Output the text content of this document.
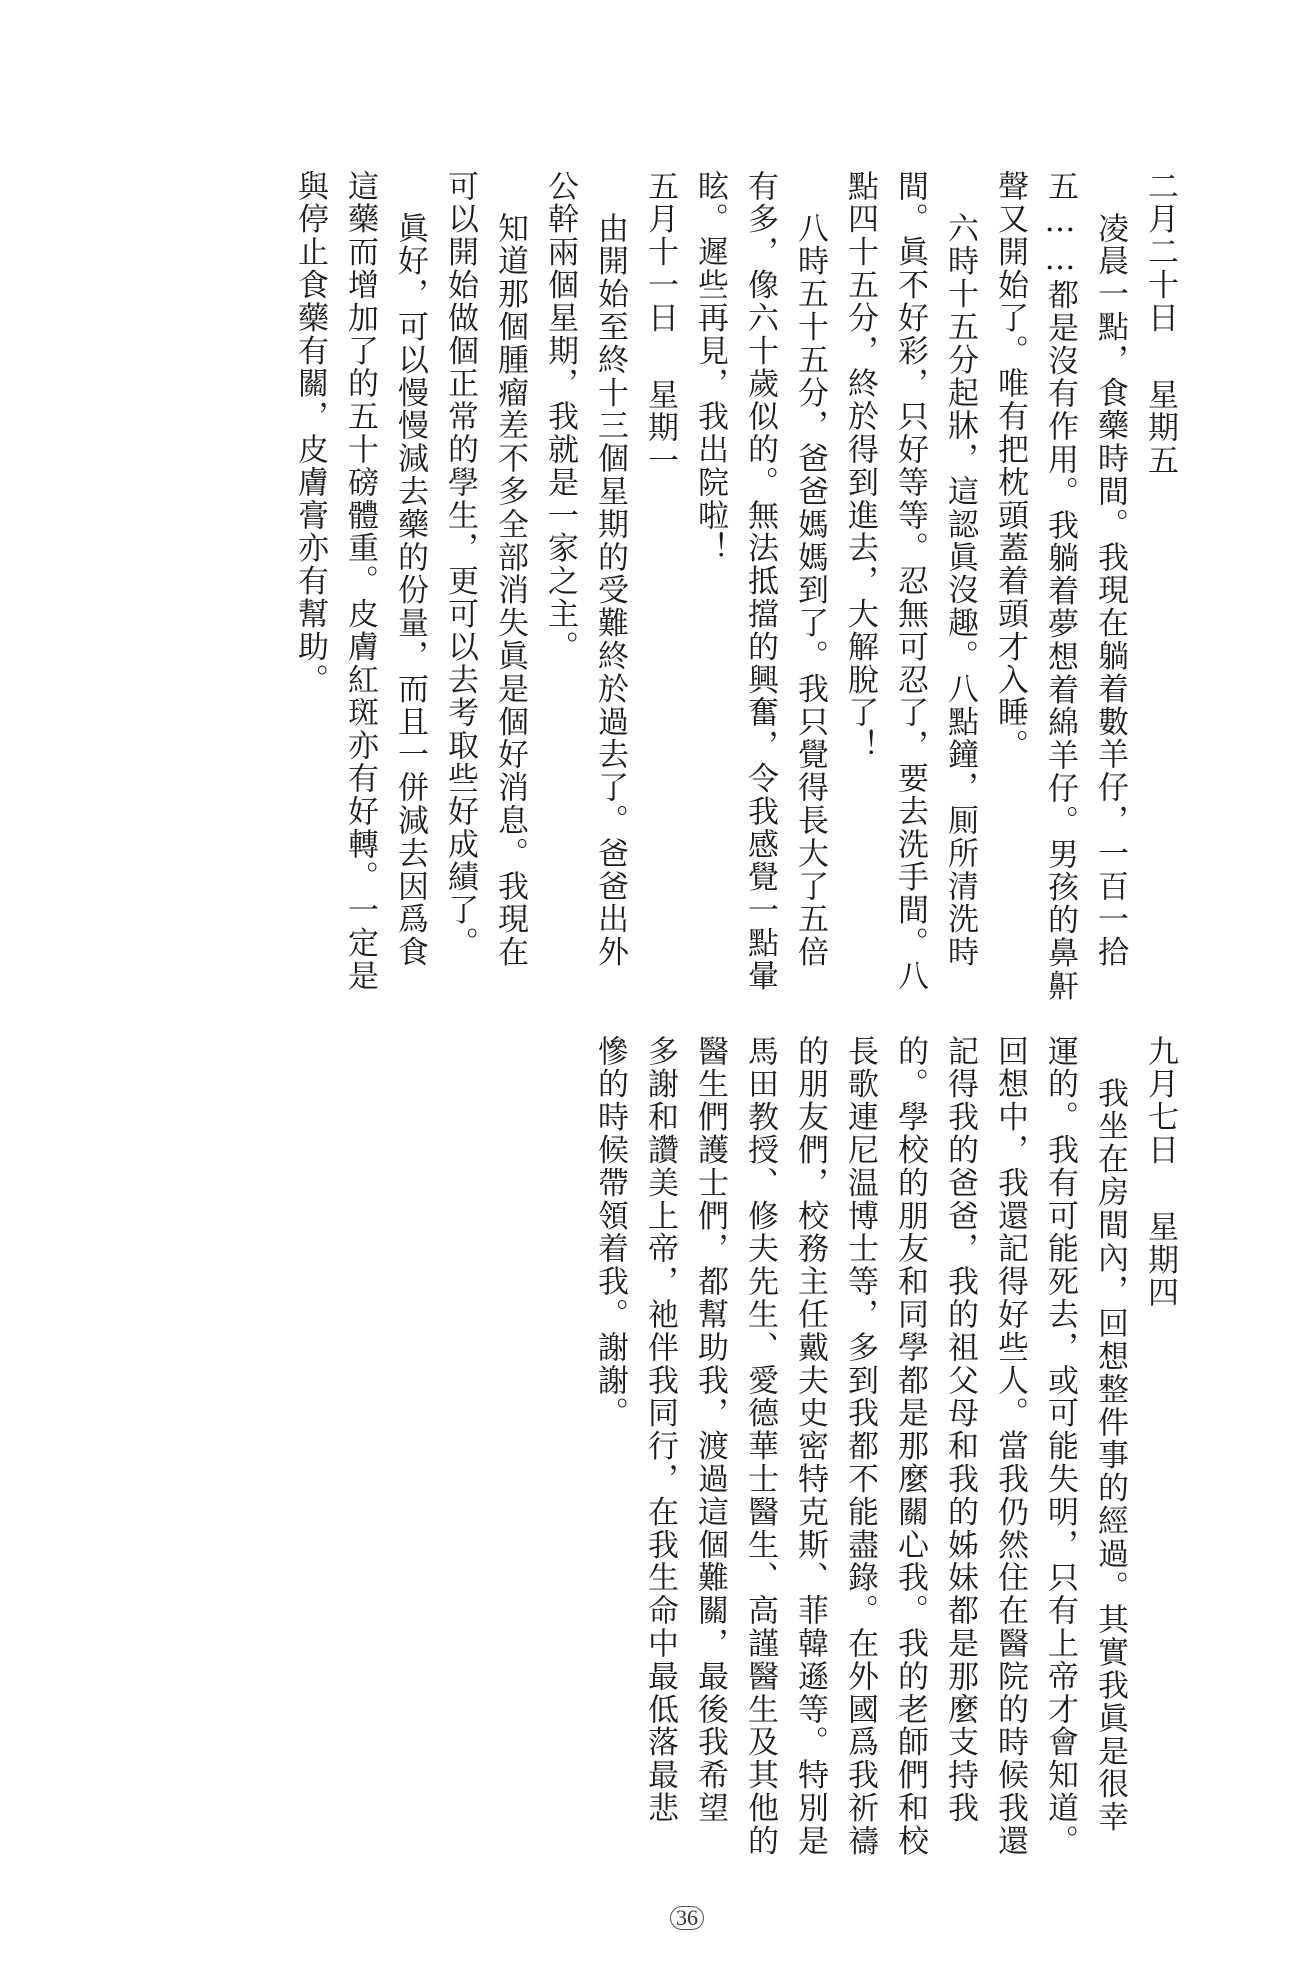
二月二十日星期五

凌晨一點，食藥時間。我現在躺着數羊仔，一百一拾

五……都是沒有作用。我躺着夢想着綿羊仔。男孩的鼻鼾

聲又開始了。唯有把枕頭蓋着頭才入睡。

六時十五分起牀，這認眞沒趣。八點鐘，厠所清洗時

間。眞不好彩，只好等等。忍無可忍了，要去洗手間。八

點四十五分，終於得到進去，大解脫了！

八時五十五分，爸爸媽媽到了。我只覺得長大了五倍

有多，像六十歲似的。無法抵擋的興奮，令我感覺一點暈

眩。遲些再見，我出院啦！

五月十一日星期一

由開始至終十三個星期的受難終於過去了。爸爸出外

公幹兩個星期，我就是一家之主。

知道那個腫瘤差不多全部消失眞是個好消息。我現在

可以開始做個正常的學生，更可以去考取些好成績了。

眞好，可以慢慢減去藥的份量，而且一併減去因爲食

這藥而增加了的五十磅體重。皮膚紅斑亦有好轉。一定是

與停止食藥有關，皮膚膏亦有幫助。

九月七日星期四

我坐在房間內，回想整件事的經過。其實我眞是很幸

運的。我有可能死去，或可能失明，只有上帝才會知道。

回想中，我還記得好些人。當我仍然住在醫院的時候我還

記得我的爸爸，我的祖父母和我的姊妹都是那麼支持我

的。學校的朋友和同學都是那麼關心我。我的老師們和校

長歌連尼温博士等，多到我都不能盡錄。在外國爲我祈禱

的朋友們，校務主任戴夫史密特克斯、菲韓遜等。特別是

馬田教授、修夫先生、愛德華士醫生、高謹醫生及其他的

醫生們護士們，都幫助我，渡過這個難關，最後我希望

多謝和讚美上帝，祂伴我同行，在我生命中最低落最悲

慘的時候帶領着我。謝謝。

36
